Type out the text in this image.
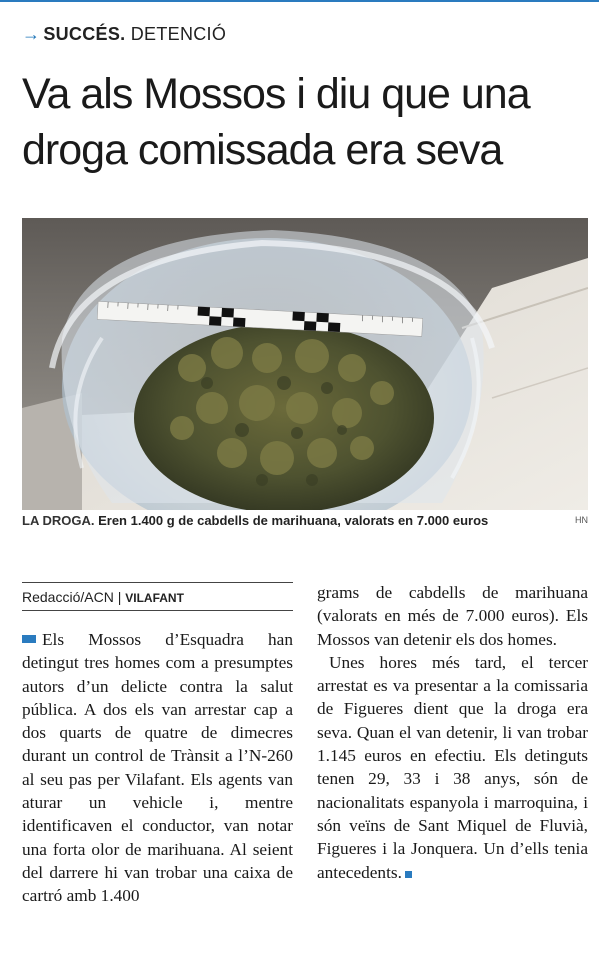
→ SUCCÉS. DETENCIÓ
Va als Mossos i diu que una droga comissada era seva
LA DROGA. Eren 1.400 g de cabdells de marihuana, valorats en 7.000 euros	HN
Redacció/ACN | VILAFANT

Els Mossos d’Esquadra han detingut tres homes com a presumptes autors d’un delicte contra la salut pública. A dos els van arrestar cap a dos quarts de quatre de dimecres durant un control de Trànsit a l’N-260 al seu pas per Vilafant. Els agents van aturar un vehicle i, mentre identificaven el conductor, van notar una forta olor de marihuana. Al seient del darrere hi van trobar una caixa de cartró amb 1.400

grams de cabdells de marihuana (valorats en més de 7.000 euros). Els Mossos van detenir els dos homes.

Unes hores més tard, el tercer arrestat es va presentar a la comissaria de Figueres dient que la droga era seva. Quan el van detenir, li van trobar 1.145 euros en efectiu. Els detinguts tenen 29, 33 i 38 anys, són de nacionalitats espanyola i marroquina, i són veïns de Sant Miquel de Fluvià, Figueres i la Jonquera. Un d’ells tenia antecedents.
